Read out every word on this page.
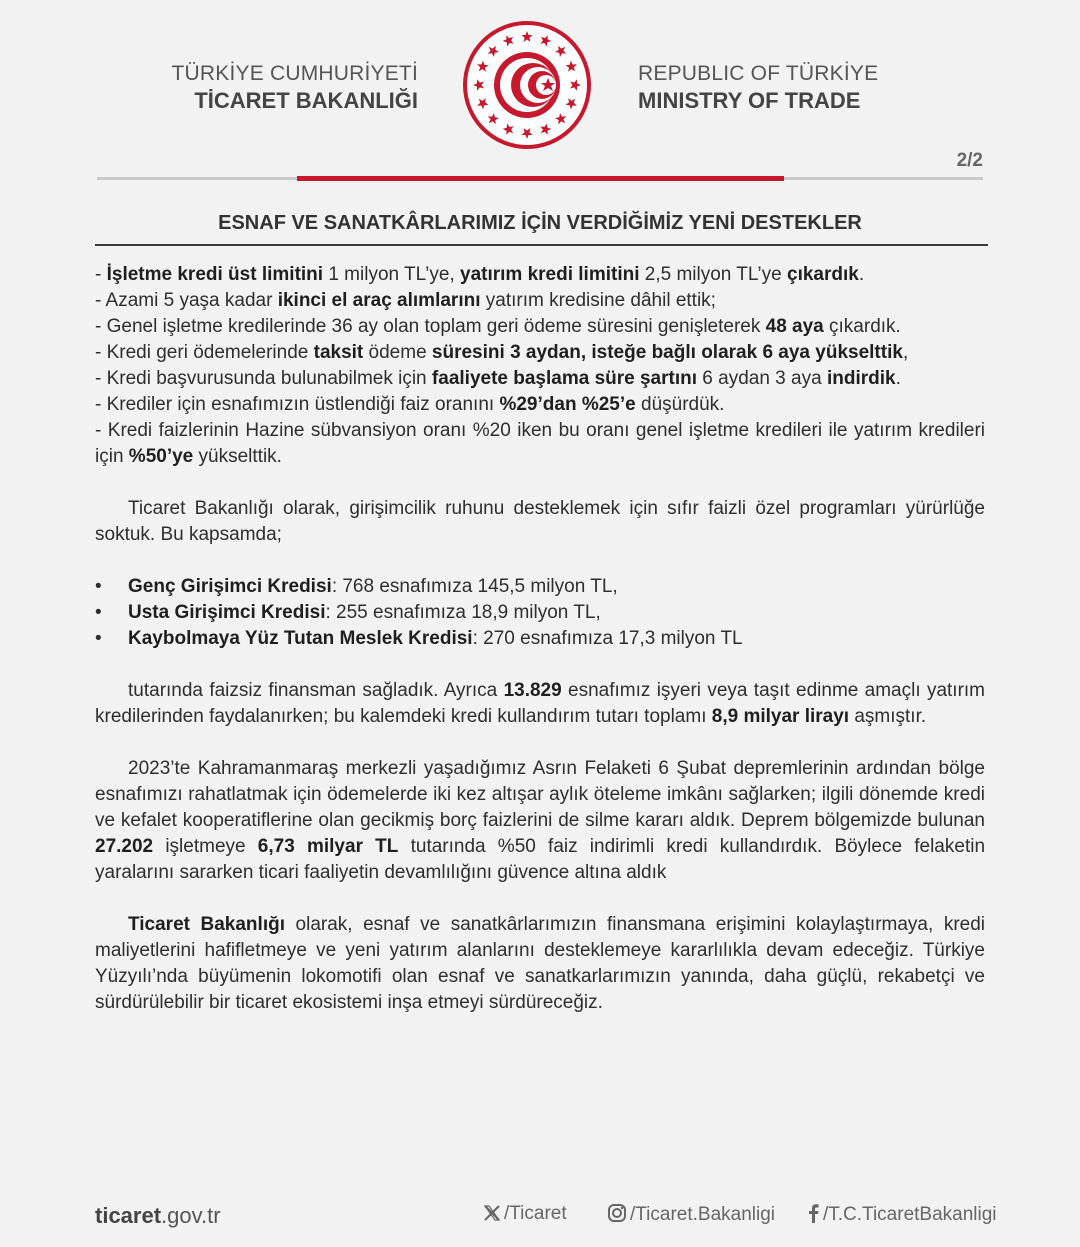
TÜRKİYE CUMHURİYETİ
TİCARET BAKANLIĞI
REPUBLIC OF TÜRKİYE
MINISTRY OF TRADE
2/2
ESNAF VE SANATKÂRLARIMIZ İÇİN VERDİĞİMİZ YENİ DESTEKLER
- İşletme kredi üst limitini 1 milyon TL’ye, yatırım kredi limitini 2,5 milyon TL’ye çıkardık.
- Azami 5 yaşa kadar ikinci el araç alımlarını yatırım kredisine dâhil ettik;
- Genel işletme kredilerinde 36 ay olan toplam geri ödeme süresini genişleterek 48 aya çıkardık.
- Kredi geri ödemelerinde taksit ödeme süresini 3 aydan, isteğe bağlı olarak 6 aya yükselttik,
- Kredi başvurusunda bulunabilmek için faaliyete başlama süre şartını 6 aydan 3 aya indirdik.
- Krediler için esnafımızın üstlendiği faiz oranını %29’dan %25’e düşürdük.
- Kredi faizlerinin Hazine sübvansiyon oranı %20 iken bu oranı genel işletme kredileri ile yatırım kredileri için %50’ye yükselttik.

Ticaret Bakanlığı olarak, girişimcilik ruhunu desteklemek için sıfır faizli özel programları yürürlüğe soktuk. Bu kapsamda;

• Genç Girişimci Kredisi: 768 esnafımıza 145,5 milyon TL,
• Usta Girişimci Kredisi: 255 esnafımıza 18,9 milyon TL,
• Kaybolmaya Yüz Tutan Meslek Kredisi: 270 esnafımıza 17,3 milyon TL

tutarında faizsiz finansman sağladık. Ayrıca 13.829 esnafımız işyeri veya taşıt edinme amaçlı yatırım kredilerinden faydalanırken; bu kalemdeki kredi kullandırım tutarı toplamı 8,9 milyar lirayı aşmıştır.

2023’te Kahramanmaraş merkezli yaşadığımız Asrın Felaketi 6 Şubat depremlerinin ardından bölge esnafımızı rahatlatmak için ödemelerde iki kez altışar aylık öteleme imkânı sağlarken; ilgili dönemde kredi ve kefalet kooperatiflerine olan gecikmiş borç faizlerini de silme kararı aldık. Deprem bölgemizde bulunan 27.202 işletmeye 6,73 milyar TL tutarında %50 faiz indirimli kredi kullandırdık. Böylece felaketin yaralarını sararken ticari faaliyetin devamlılığını güvence altına aldık

Ticaret Bakanlığı olarak, esnaf ve sanatkârlarımızın finansmana erişimini kolaylaştırmaya, kredi maliyetlerini hafifletmeye ve yeni yatırım alanlarını desteklemeye kararlılıkla devam edeceğiz. Türkiye Yüzyılı’nda büyümenin lokomotifi olan esnaf ve sanatkarlarımızın yanında, daha güçlü, rekabetçi ve sürdürülebilir bir ticaret ekosistemi inşa etmeyi sürdüreceğiz.

ticaret.gov.tr	/Ticaret	/Ticaret.Bakanligi	/T.C.TicaretBakanligi
